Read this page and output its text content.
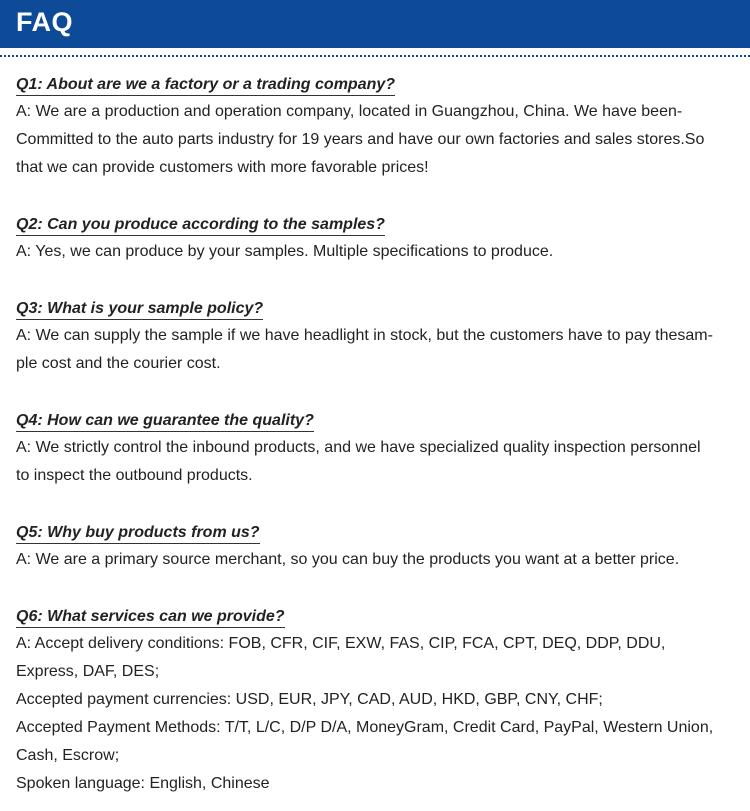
FAQ
Q1: About are we a factory or a trading company?

A: We are a production and operation company, located in Guangzhou, China. We have been-

Committed to the auto parts industry for 19 years and have our own factories and sales stores.So

that we can provide customers with more favorable prices!

Q2: Can you produce according to the samples?

A: Yes, we can produce by your samples. Multiple specifications to produce.

Q3: What is your sample policy?

A: We can supply the sample if we have headlight in stock, but the customers have to pay thesam-

ple cost and the courier cost.

Q4: How can we guarantee the quality?

A: We strictly control the inbound products, and we have specialized quality inspection personnel

to inspect the outbound products.

Q5: Why buy products from us?

A: We are a primary source merchant, so you can buy the products you want at a better price.

Q6: What services can we provide?

A: Accept delivery conditions: FOB, CFR, CIF, EXW, FAS, CIP, FCA, CPT, DEQ, DDP, DDU,

Express, DAF, DES;

Accepted payment currencies: USD, EUR, JPY, CAD, AUD, HKD, GBP, CNY, CHF;

Accepted Payment Methods: T/T, L/C, D/P D/A, MoneyGram, Credit Card, PayPal, Western Union,

Cash, Escrow;

Spoken language: English, Chinese
